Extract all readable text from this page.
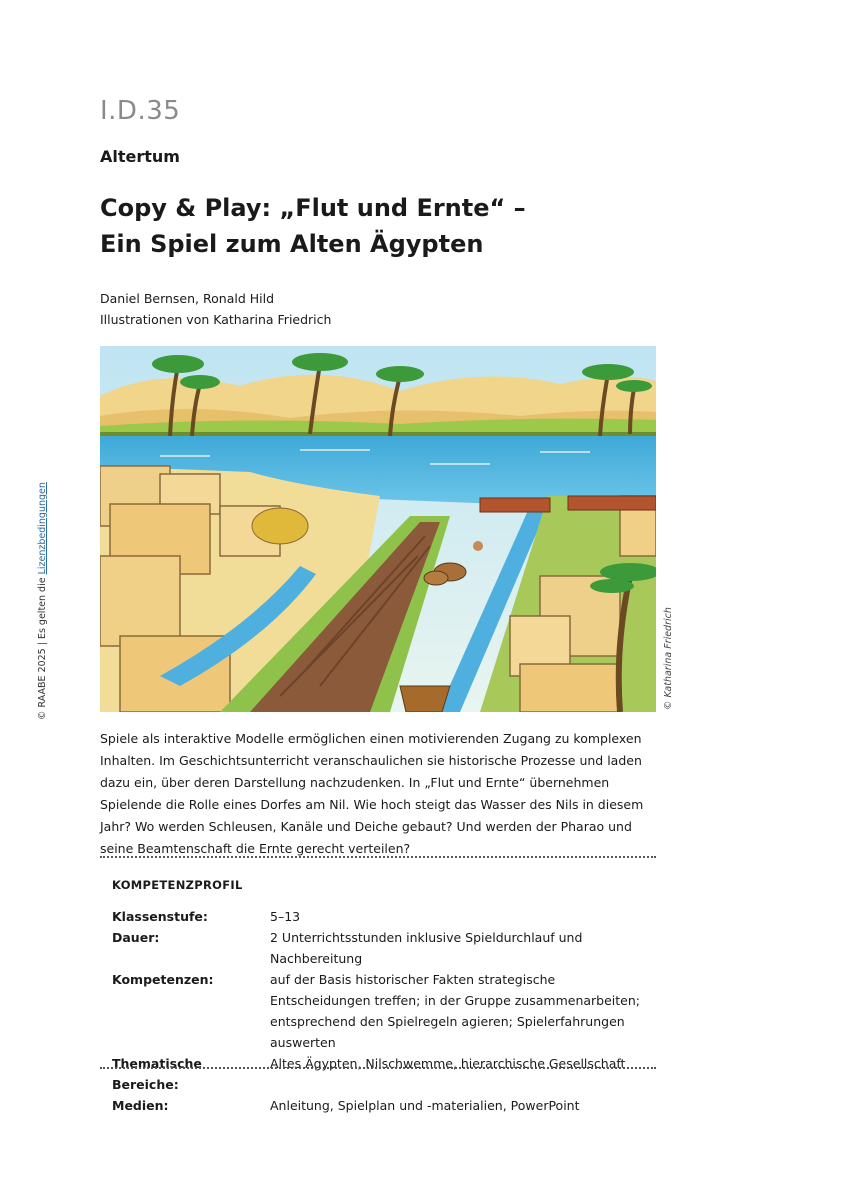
I.D.35
Altertum
Copy & Play: „Flut und Ernte“ –
Ein Spiel zum Alten Ägypten
Daniel Bernsen, Ronald Hild
Illustrationen von Katharina Friedrich
© Katharina Friedrich
© RAABE 2025 | Es gelten die Lizenzbedingungen

Spiele als interaktive Modelle ermöglichen einen motivierenden Zugang zu komplexen Inhalten. Im Geschichtsunterricht veranschaulichen sie historische Prozesse und laden dazu ein, über deren Darstellung nachzudenken. In „Flut und Ernte“ übernehmen Spielende die Rolle eines Dorfes am Nil. Wie hoch steigt das Wasser des Nils in diesem Jahr? Wo werden Schleusen, Kanäle und Deiche gebaut? Und werden der Pharao und seine Beamtenschaft die Ernte gerecht verteilen?

KOMPETENZPROFIL
Klassenstufe:	5–13
Dauer:	2 Unterrichtsstunden inklusive Spieldurchlauf und Nachbereitung
Kompetenzen:	auf der Basis historischer Fakten strategische Entscheidungen treffen; in der Gruppe zusammenarbeiten; entsprechend den Spielregeln agieren; Spielerfahrungen auswerten
Thematische Bereiche:	Altes Ägypten, Nilschwemme, hierarchische Gesellschaft
Medien:	Anleitung, Spielplan und -materialien, PowerPoint
